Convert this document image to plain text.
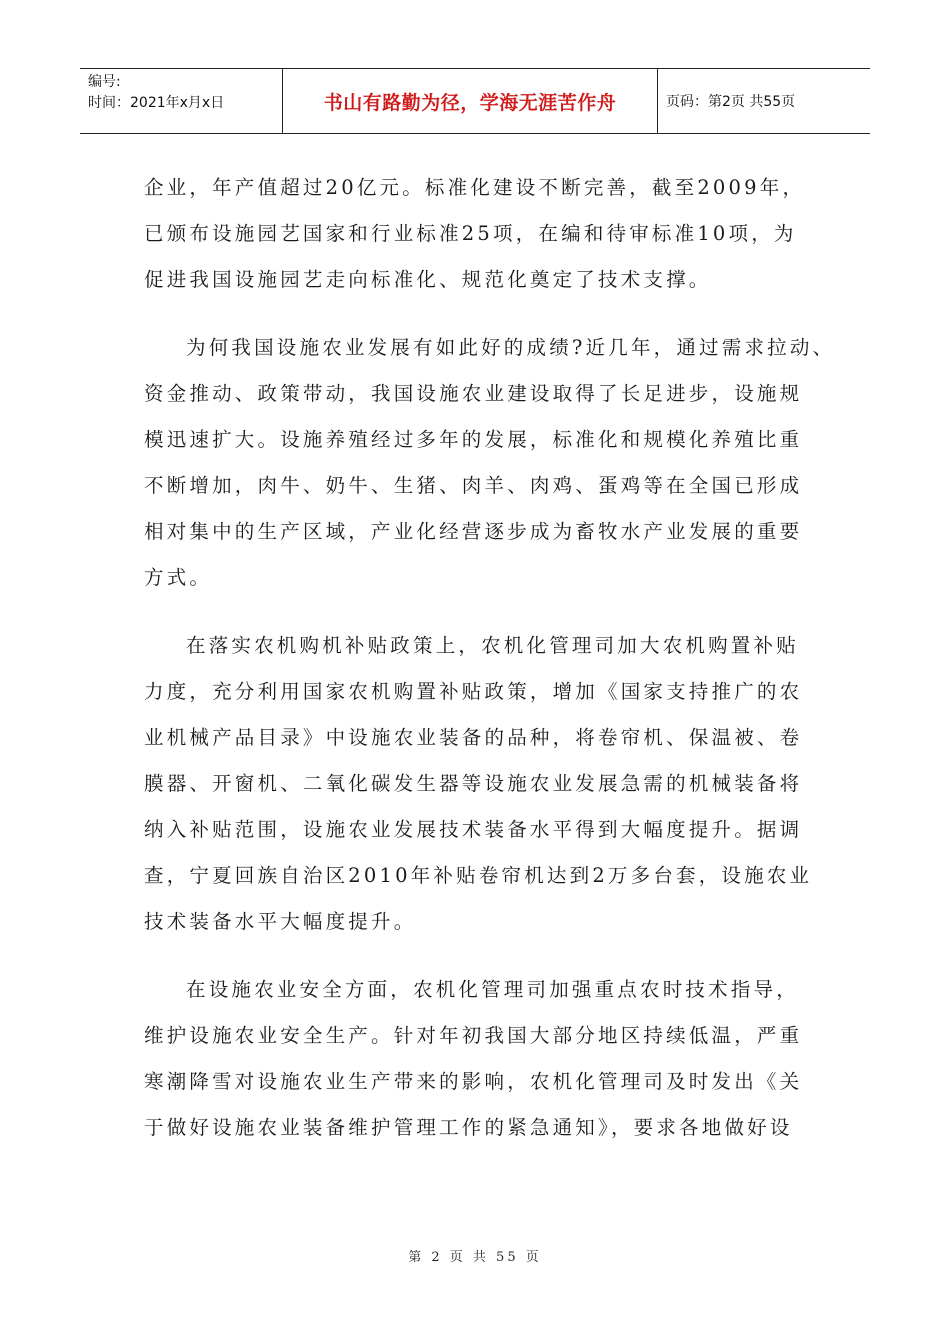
编号:
时间：2021年x月x日	书山有路勤为径，学海无涯苦作舟	页码：第2页 共55页
企业，年产值超过20亿元。标准化建设不断完善，截至2009年，
已颁布设施园艺国家和行业标准25项，在编和待审标准10项，为
促进我国设施园艺走向标准化、规范化奠定了技术支撑。
为何我国设施农业发展有如此好的成绩?近几年，通过需求拉动、
资金推动、政策带动，我国设施农业建设取得了长足进步，设施规
模迅速扩大。设施养殖经过多年的发展，标准化和规模化养殖比重
不断增加，肉牛、奶牛、生猪、肉羊、肉鸡、蛋鸡等在全国已形成
相对集中的生产区域，产业化经营逐步成为畜牧水产业发展的重要
方式。
在落实农机购机补贴政策上，农机化管理司加大农机购置补贴
力度，充分利用国家农机购置补贴政策，增加《国家支持推广的农
业机械产品目录》中设施农业装备的品种，将卷帘机、保温被、卷
膜器、开窗机、二氧化碳发生器等设施农业发展急需的机械装备将
纳入补贴范围，设施农业发展技术装备水平得到大幅度提升。据调
查，宁夏回族自治区2010年补贴卷帘机达到2万多台套，设施农业
技术装备水平大幅度提升。
在设施农业安全方面，农机化管理司加强重点农时技术指导，
维护设施农业安全生产。针对年初我国大部分地区持续低温，严重
寒潮降雪对设施农业生产带来的影响，农机化管理司及时发出《关
于做好设施农业装备维护管理工作的紧急通知》，要求各地做好设
第 2 页 共 55 页
